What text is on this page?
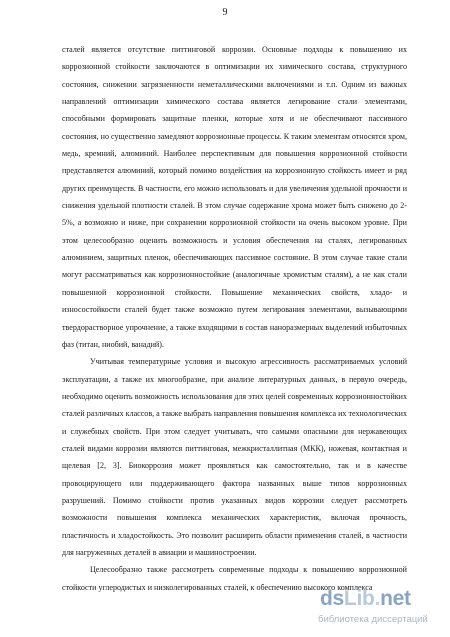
9

сталей является отсутствие питтинговой коррозии. Основные подходы к повышению их коррозионной стойкости заключаются в оптимизации их химического состава, структурного состояния, снижении загрязненности неметаллическими включениями и т.п. Одним из важных направлений оптимизации химического состава является легирование стали элементами, способными формировать защитные пленки, которые хотя и не обеспечивают пассивного состояния, но существенно замедляют коррозионные процессы. К таким элементам относятся хром, медь, кремний, алюминий. Наиболее перспективным для повышения коррозионной стойкости представляется алюминий, который помимо воздействия на коррозионную стойкость имеет и ряд других преимуществ. В частности, его можно использовать и для увеличения удельной прочности и снижения удельной плотности сталей. В этом случае содержание хрома может быть снижено до 2-5%, а возможно и ниже, при сохранении коррозионной стойкости на очень высоком уровне. При этом целесообразно оценить возможность и условия обеспечения на сталях, легированных алюминием, защитных пленок, обеспечивающих пассивное состояние. В этом случае такие стали могут рассматриваться как коррозионностойкие (аналогичные хромистым сталям), а не как стали повышенной коррозионной стойкости. Повышение механических свойств, хладо- и износостойкости сталей будет также возможно путем легирования элементами, вызывающими твердорастворное упрочнение, а также входящими в состав наноразмерных выделений избыточных фаз (титан, ниобий, ванадий).

Учитывая температурные условия и высокую агрессивность рассматриваемых условий эксплуатации, а также их многообразие, при анализе литературных данных, в первую очередь, необходимо оценить возможность использования для этих целей современных коррозионностойких сталей различных классов, а также выбрать направления повышения комплекса их технологических и служебных свойств. При этом следует учитывать, что самыми опасными для нержавеющих сталей видами коррозии являются питтинговая, межкристаллитная (МКК), ножевая, контактная и щелевая [2, 3]. Биокоррозия может проявляться как самостоятельно, так и в качестве провоцирующего или поддерживающего фактора названных выше типов коррозионных разрушений. Помимо стойкости против указанных видов коррозии следует рассмотреть возможности повышения комплекса механических характеристик, включая прочность, пластичность и хладостойкость. Это позволит расширить области применения сталей, в частности для нагруженных деталей в авиации и машиностроении.

Целесообразно также рассмотреть современные подходы к повышению коррозионной стойкости углеродистых и низколегированных сталей, к обеспечению высокого комплекса

dsLib.net
библиотека диссертаций
